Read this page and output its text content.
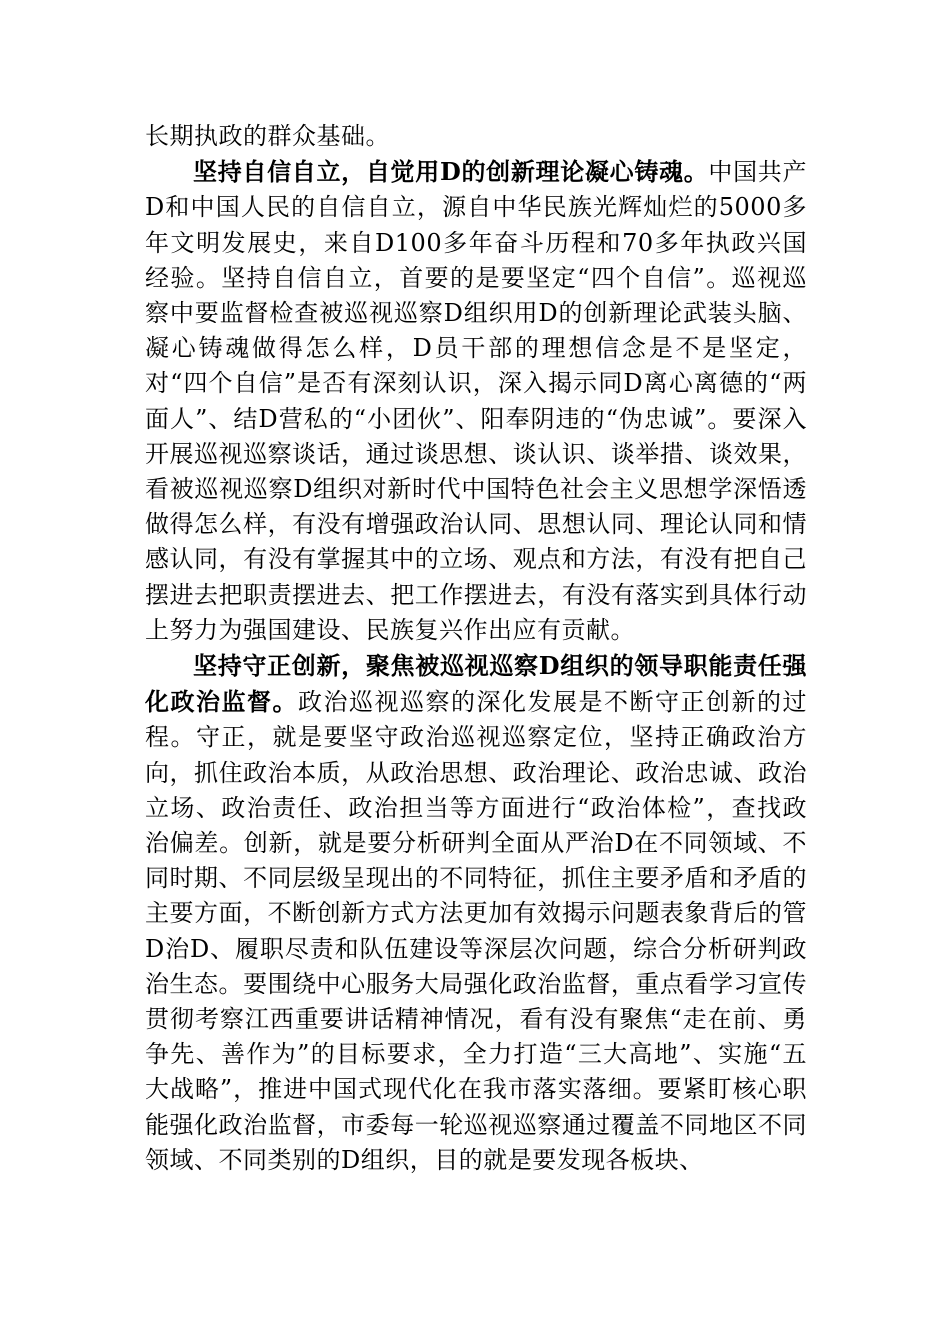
长期执政的群众基础。

坚持自信自立，自觉用D的创新理论凝心铸魂。中国共产D和中国人民的自信自立，源自中华民族光辉灿烂的5000多年文明发展史，来自D100多年奋斗历程和70多年执政兴国经验。坚持自信自立，首要的是要坚定“四个自信”。巡视巡察中要监督检查被巡视巡察D组织用D的创新理论武装头脑、凝心铸魂做得怎么样，D员干部的理想信念是不是坚定，对“四个自信”是否有深刻认识，深入揭示同D离心离德的“两面人”、结D营私的“小团伙”、阳奉阴违的“伪忠诚”。要深入开展巡视巡察谈话，通过谈思想、谈认识、谈举措、谈效果，看被巡视巡察D组织对新时代中国特色社会主义思想学深悟透做得怎么样，有没有增强政治认同、思想认同、理论认同和情感认同，有没有掌握其中的立场、观点和方法，有没有把自己摆进去把职责摆进去、把工作摆进去，有没有落实到具体行动上努力为强国建设、民族复兴作出应有贡献。

坚持守正创新，聚焦被巡视巡察D组织的领导职能责任强化政治监督。政治巡视巡察的深化发展是不断守正创新的过程。守正，就是要坚守政治巡视巡察定位，坚持正确政治方向，抓住政治本质，从政治思想、政治理论、政治忠诚、政治立场、政治责任、政治担当等方面进行“政治体检”，查找政治偏差。创新，就是要分析研判全面从严治D在不同领域、不同时期、不同层级呈现出的不同特征，抓住主要矛盾和矛盾的主要方面，不断创新方式方法更加有效揭示问题表象背后的管D治D、履职尽责和队伍建设等深层次问题，综合分析研判政治生态。要围绕中心服务大局强化政治监督，重点看学习宣传贯彻考察江西重要讲话精神情况，看有没有聚焦“走在前、勇争先、善作为”的目标要求，全力打造“三大高地”、实施“五大战略”，推进中国式现代化在我市落实落细。要紧盯核心职能强化政治监督，市委每一轮巡视巡察通过覆盖不同地区不同领域、不同类别的D组织，目的就是要发现各板块、
